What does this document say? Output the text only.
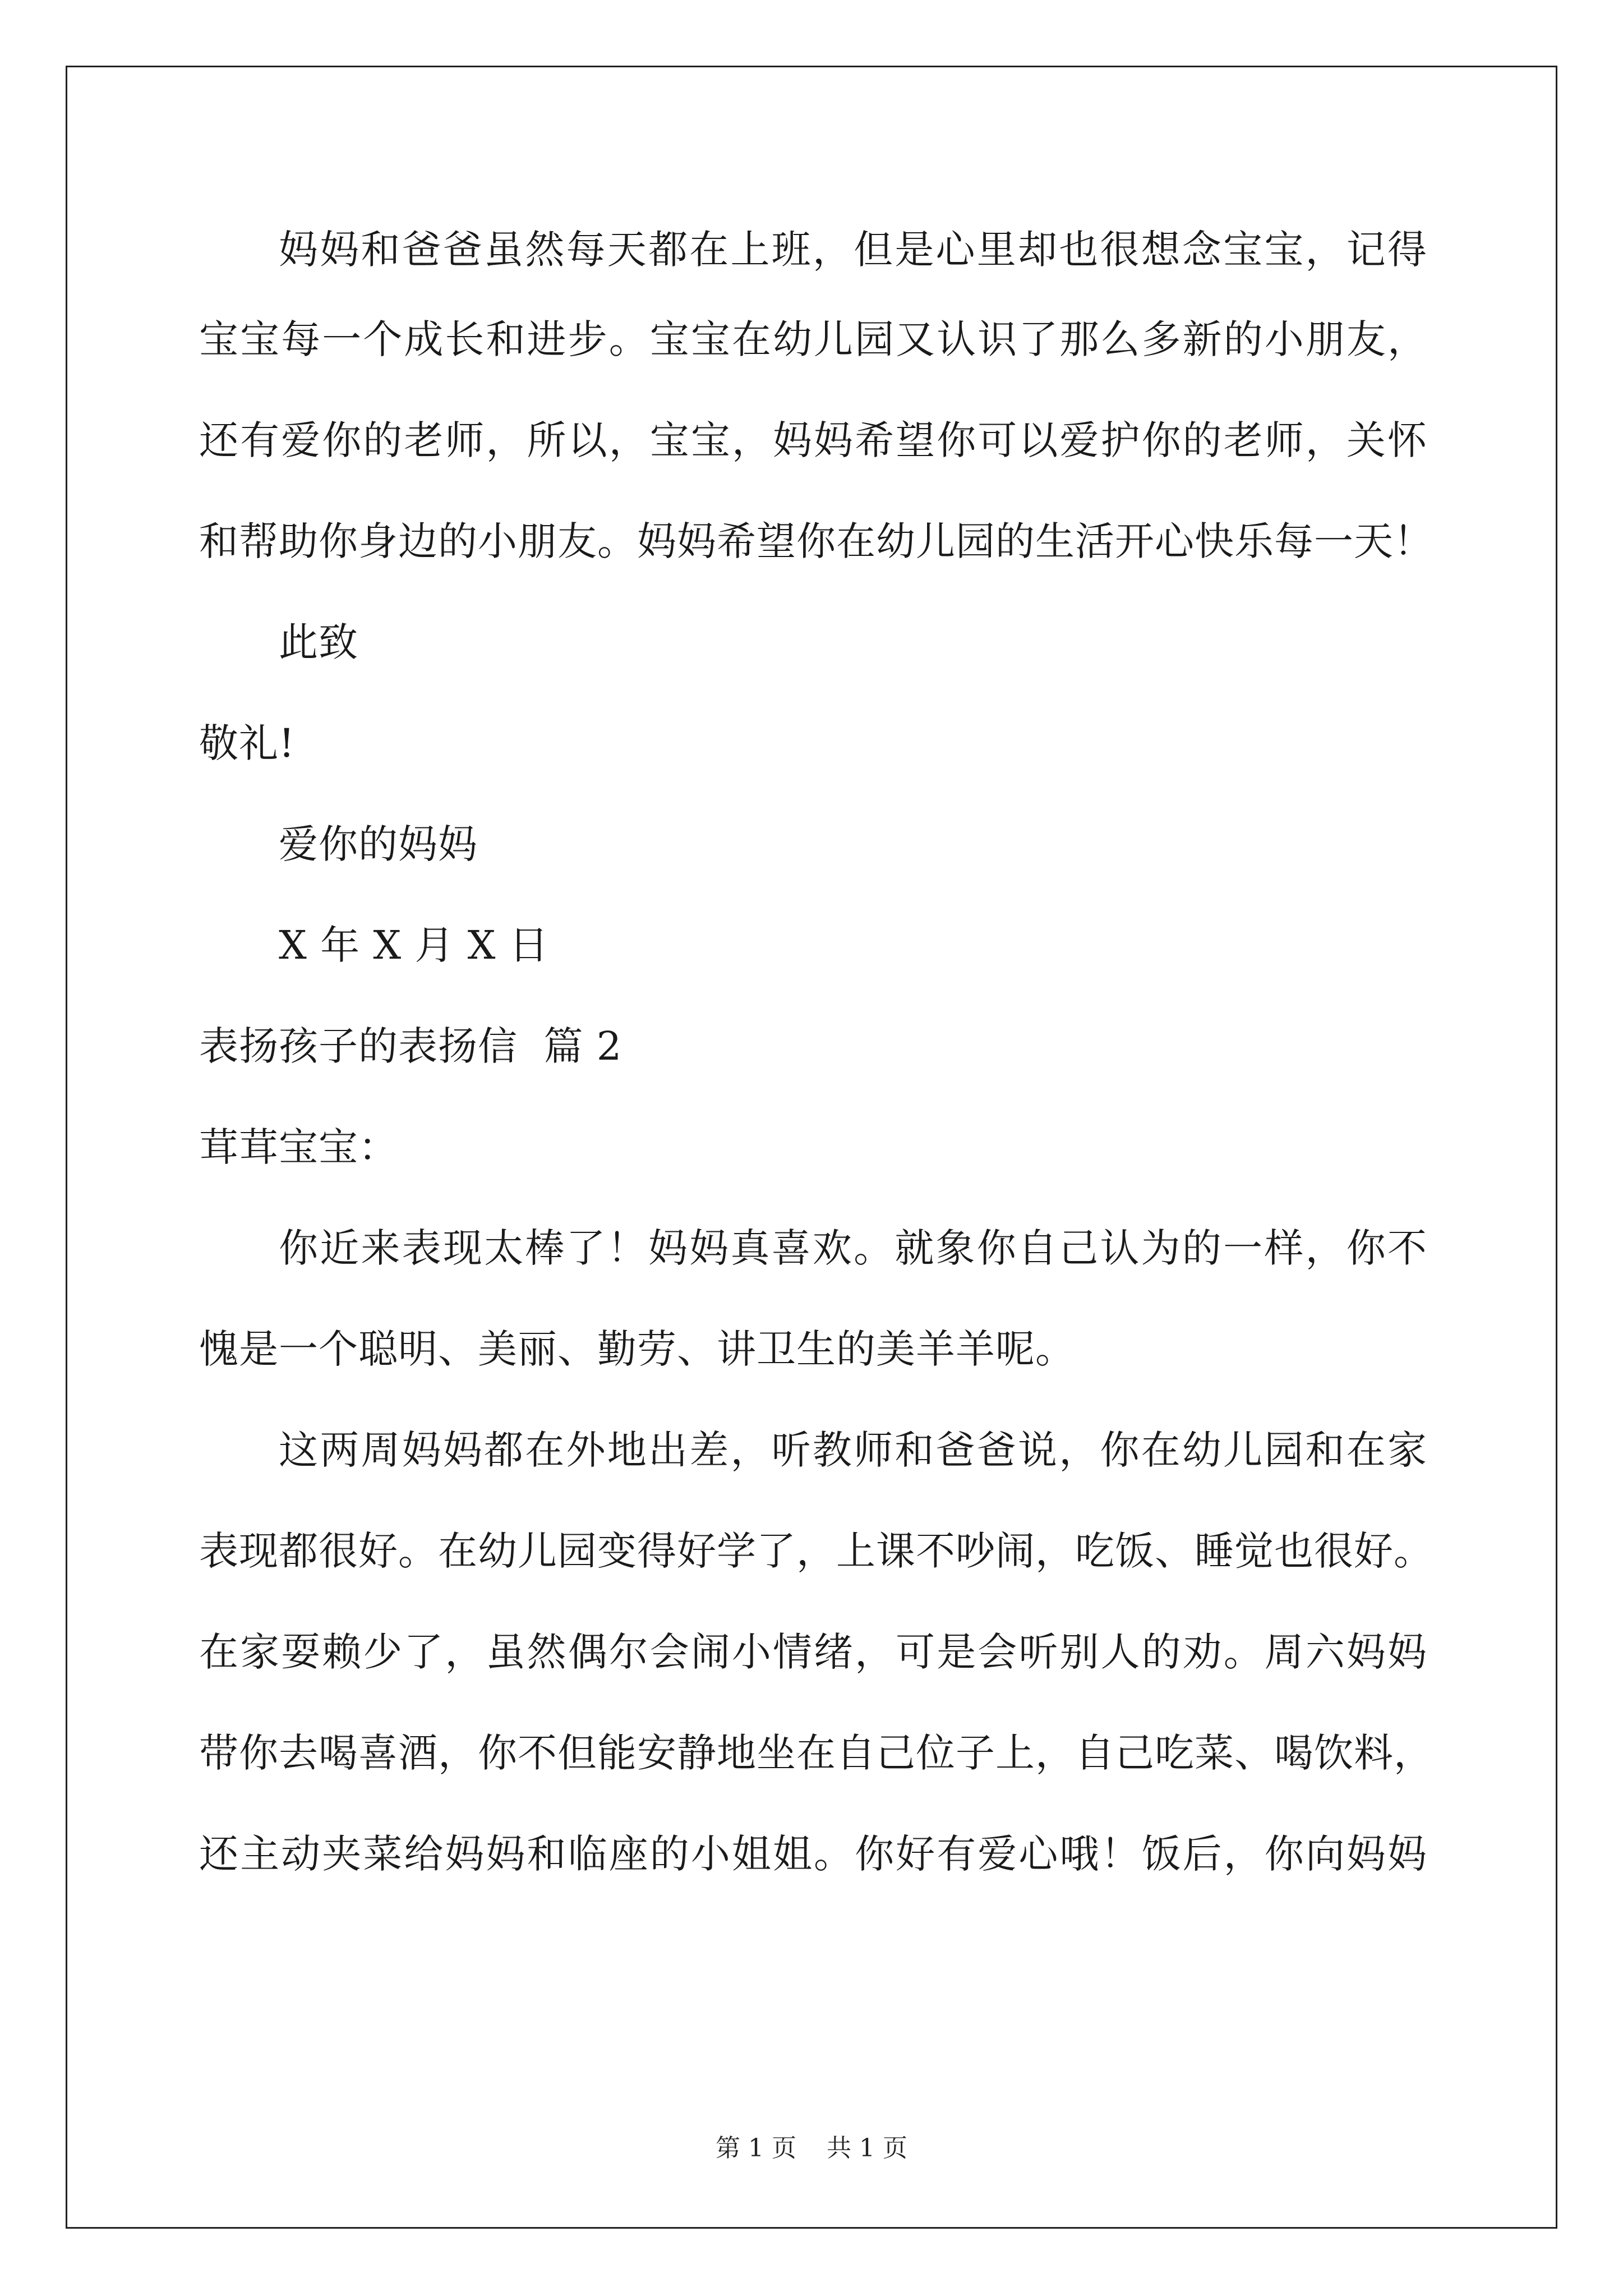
妈妈和爸爸虽然每天都在上班，但是心里却也很想念宝宝，记得
宝宝每一个成长和进步。宝宝在幼儿园又认识了那么多新的小朋友，
还有爱你的老师，所以，宝宝，妈妈希望你可以爱护你的老师，关怀
和帮助你身边的小朋友。妈妈希望你在幼儿园的生活开心快乐每一天！
此致
敬礼!
爱你的妈妈
X 年 X 月 X 日
表扬孩子的表扬信  篇 2
茸茸宝宝：
你近来表现太棒了！妈妈真喜欢。就象你自己认为的一样，你不
愧是一个聪明、美丽、勤劳、讲卫生的美羊羊呢。
这两周妈妈都在外地出差，听教师和爸爸说，你在幼儿园和在家
表现都很好。在幼儿园变得好学了，上课不吵闹，吃饭、睡觉也很好。
在家耍赖少了，虽然偶尔会闹小情绪，可是会听别人的劝。周六妈妈
带你去喝喜酒，你不但能安静地坐在自己位子上，自己吃菜、喝饮料，
还主动夹菜给妈妈和临座的小姐姐。你好有爱心哦！饭后，你向妈妈
第 1 页 共 1 页
